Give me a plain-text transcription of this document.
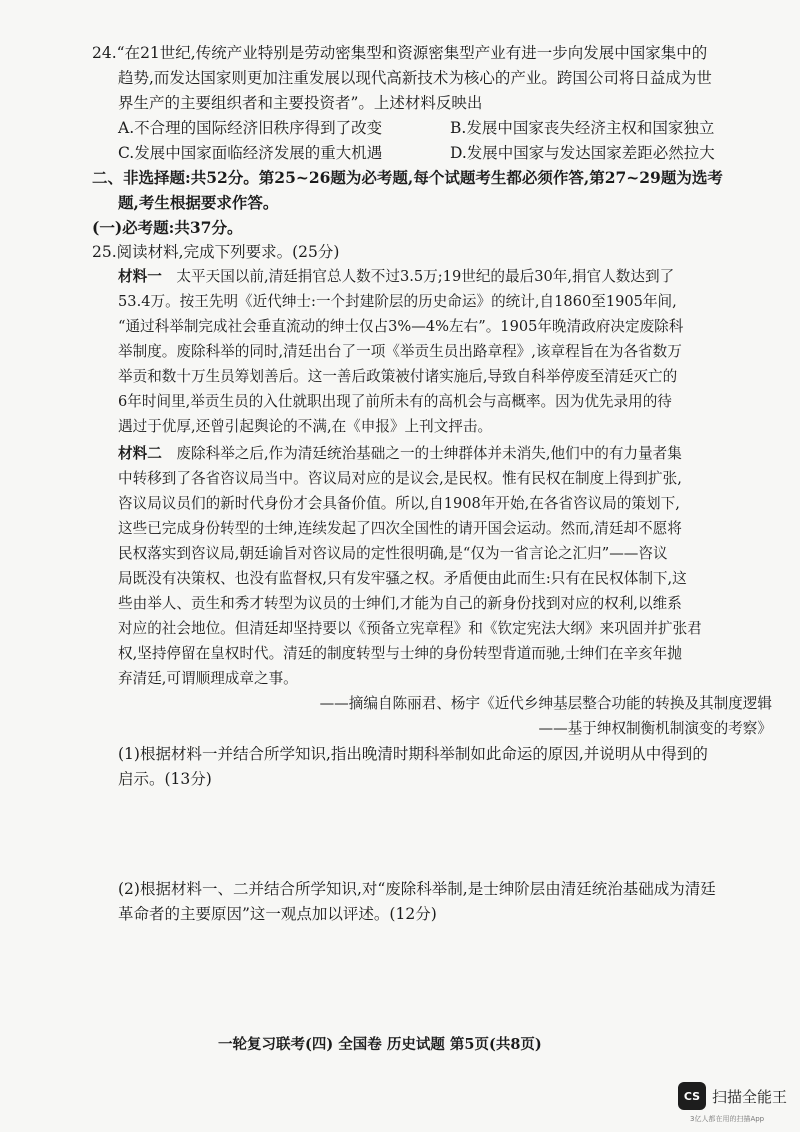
24.“在21世纪,传统产业特别是劳动密集型和资源密集型产业有进一步向发展中国家集中的
趋势,而发达国家则更加注重发展以现代高新技术为核心的产业。跨国公司将日益成为世
界生产的主要组织者和主要投资者”。上述材料反映出
A.不合理的国际经济旧秩序得到了改变	B.发展中国家丧失经济主权和国家独立
C.发展中国家面临经济发展的重大机遇	D.发展中国家与发达国家差距必然拉大
二、非选择题:共52分。第25~26题为必考题,每个试题考生都必须作答,第27~29题为选考
题,考生根据要求作答。
(一)必考题:共37分。
25.阅读材料,完成下列要求。(25分)
材料一　 太平天国以前,清廷捐官总人数不过3.5万;19世纪的最后30年,捐官人数达到了
53.4万。按王先明《近代绅士:一个封建阶层的历史命运》的统计,自1860至1905年间,
“通过科举制完成社会垂直流动的绅士仅占3%—4%左右”。1905年晚清政府决定废除科
举制度。废除科举的同时,清廷出台了一项《举贡生员出路章程》,该章程旨在为各省数万
举贡和数十万生员筹划善后。这一善后政策被付诸实施后,导致自科举停废至清廷灭亡的
6年时间里,举贡生员的入仕就职出现了前所未有的高机会与高概率。因为优先录用的待
遇过于优厚,还曾引起舆论的不满,在《申报》上刊文抨击。
材料二　 废除科举之后,作为清廷统治基础之一的士绅群体并未消失,他们中的有力量者集
中转移到了各省咨议局当中。咨议局对应的是议会,是民权。惟有民权在制度上得到扩张,
咨议局议员们的新时代身份才会具备价值。所以,自1908年开始,在各省咨议局的策划下,
这些已完成身份转型的士绅,连续发起了四次全国性的请开国会运动。然而,清廷却不愿将
民权落实到咨议局,朝廷谕旨对咨议局的定性很明确,是“仅为一省言论之汇归”——咨议
局既没有决策权、也没有监督权,只有发牢骚之权。矛盾便由此而生:只有在民权体制下,这
些由举人、贡生和秀才转型为议员的士绅们,才能为自己的新身份找到对应的权利,以维系
对应的社会地位。但清廷却坚持要以《预备立宪章程》和《钦定宪法大纲》来巩固并扩张君
权,坚持停留在皇权时代。清廷的制度转型与士绅的身份转型背道而驰,士绅们在辛亥年抛
弃清廷,可谓顺理成章之事。
——摘编自陈丽君、杨宇《近代乡绅基层整合功能的转换及其制度逻辑
——基于绅权制衡机制演变的考察》
(1)根据材料一并结合所学知识,指出晚清时期科举制如此命运的原因,并说明从中得到的
启示。(13分)
(2)根据材料一、二并结合所学知识,对“废除科举制,是士绅阶层由清廷统治基础成为清廷
革命者的主要原因”这一观点加以评述。(12分)
一轮复习联考(四) 全国卷 历史试题 第5页(共8页)
CS 扫描全能王
3亿人都在用的扫描App
